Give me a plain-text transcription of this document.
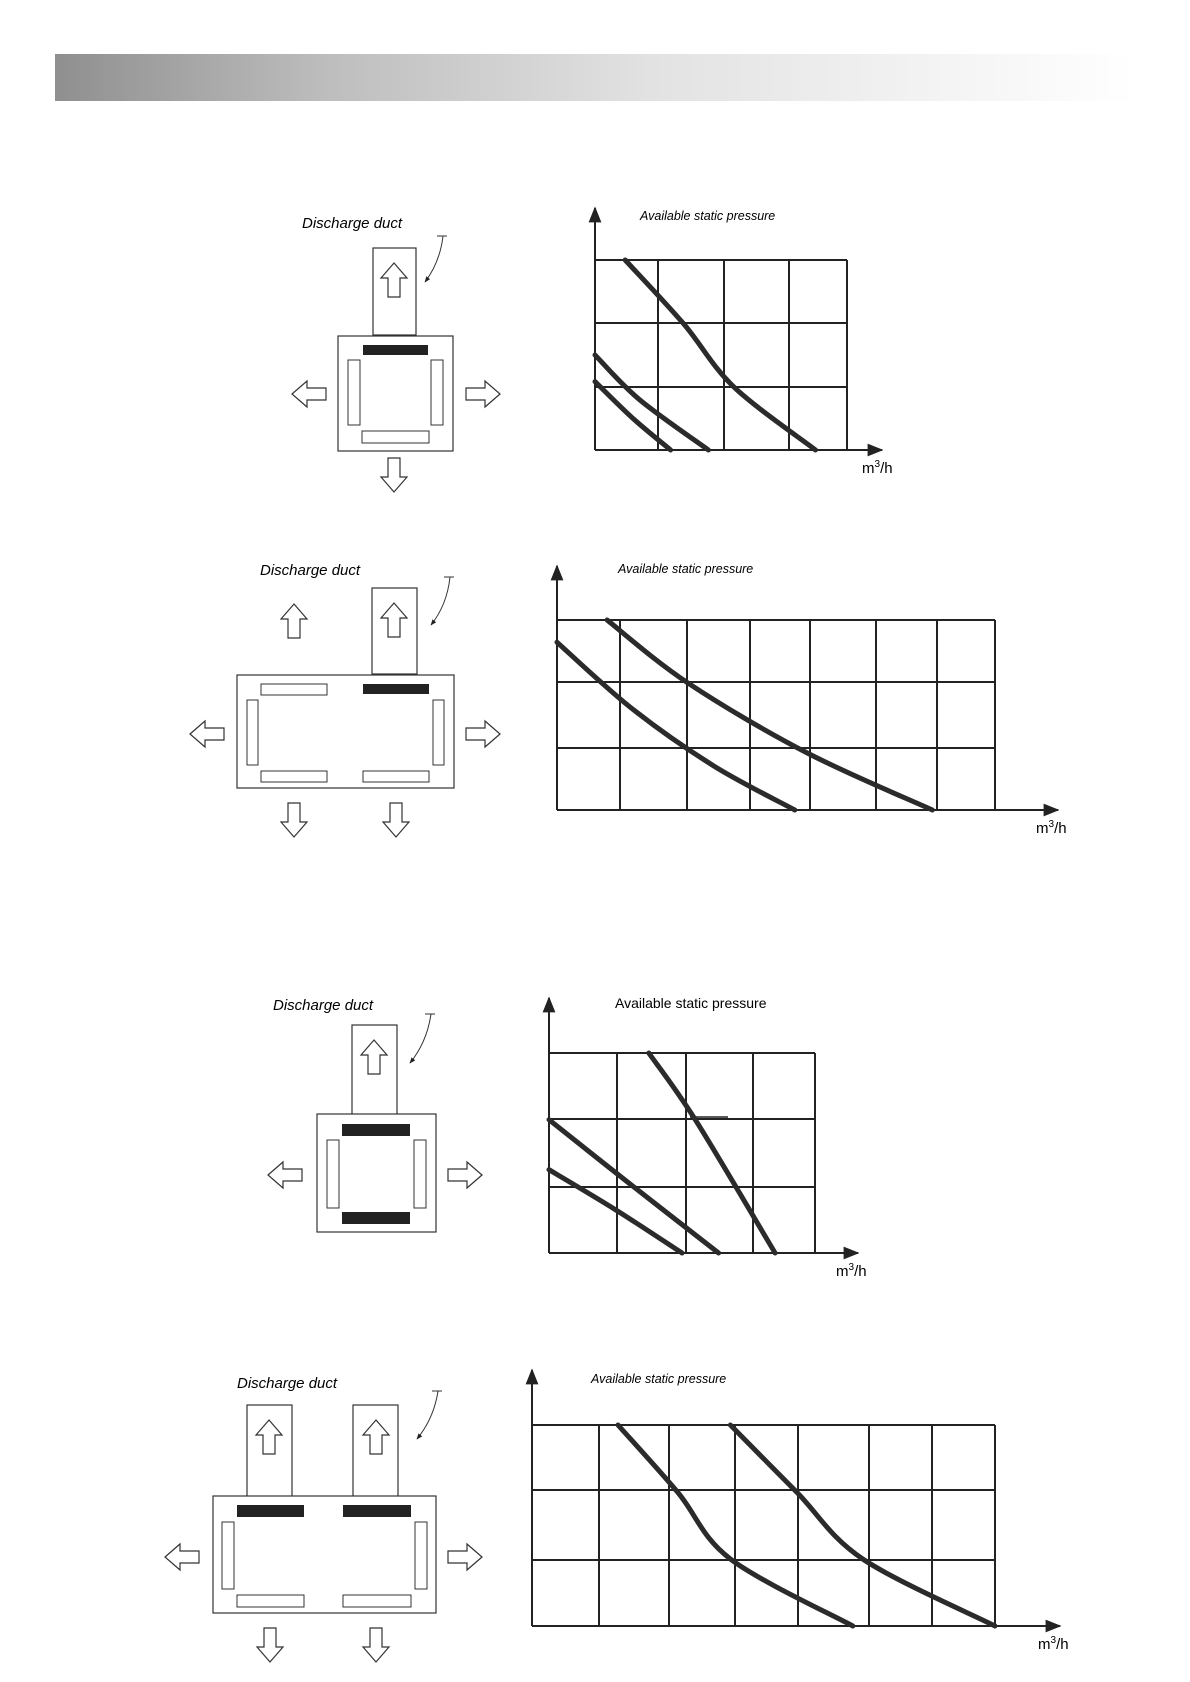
Discharge duct	Available static pressure
$m^3/h$
Discharge duct	Available static pressure
$m^3/h$
Discharge duct	Available static pressure
$m^3/h$
Discharge duct	Available static pressure
$m^3/h$
